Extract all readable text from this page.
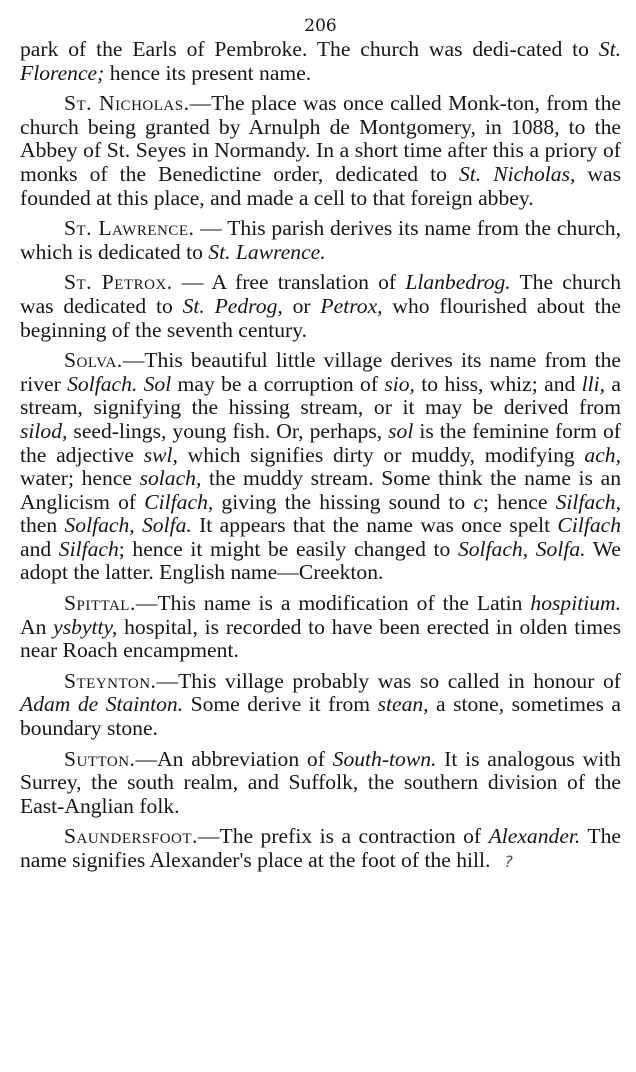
206

park of the Earls of Pembroke. The church was dedi-cated to St. Florence; hence its present name.

St. Nicholas.—The place was once called Monk-ton, from the church being granted by Arnulph de Montgomery, in 1088, to the Abbey of St. Seyes in Normandy. In a short time after this a priory of monks of the Benedictine order, dedicated to St. Nicholas, was founded at this place, and made a cell to that foreign abbey.

St. Lawrence. — This parish derives its name from the church, which is dedicated to St. Lawrence.

St. Petrox. — A free translation of Llanbedrog. The church was dedicated to St. Pedrog, or Petrox, who flourished about the beginning of the seventh century.

Solva.—This beautiful little village derives its name from the river Solfach. Sol may be a corruption of sio, to hiss, whiz; and lli, a stream, signifying the hissing stream, or it may be derived from silod, seed-lings, young fish. Or, perhaps, sol is the feminine form of the adjective swl, which signifies dirty or muddy, modifying ach, water; hence solach, the muddy stream. Some think the name is an Anglicism of Cilfach, giving the hissing sound to c; hence Silfach, then Solfach, Solfa. It appears that the name was once spelt Cilfach and Silfach; hence it might be easily changed to Solfach, Solfa. We adopt the latter. English name—Creekton.

Spittal.—This name is a modification of the Latin hospitium. An ysbytty, hospital, is recorded to have been erected in olden times near Roach encampment.

Steynton.—This village probably was so called in honour of Adam de Stainton. Some derive it from stean, a stone, sometimes a boundary stone.

Sutton.—An abbreviation of South-town. It is analogous with Surrey, the south realm, and Suffolk, the southern division of the East-Anglian folk.

Saundersfoot.—The prefix is a contraction of Alexander. The name signifies Alexander's place at the foot of the hill. ?
